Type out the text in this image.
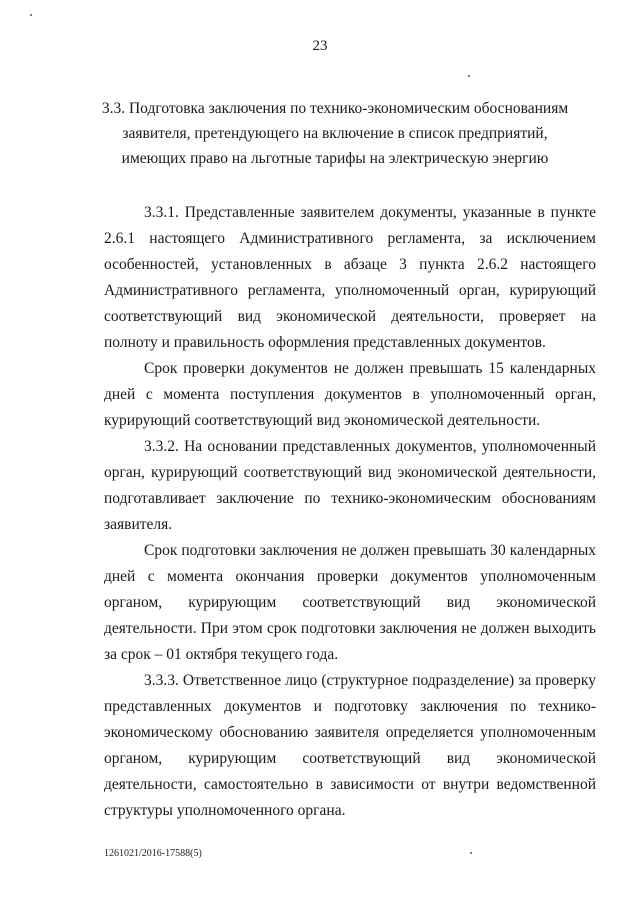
23
3.3. Подготовка заключения по технико-экономическим обоснованиям заявителя, претендующего на включение в список предприятий, имеющих право на льготные тарифы на электрическую энергию

3.3.1. Представленные заявителем документы, указанные в пункте 2.6.1 настоящего Административного регламента, за исключением особенностей, установленных в абзаце 3 пункта 2.6.2 настоящего Административного регламента, уполномоченный орган, курирующий соответствующий вид экономической деятельности, проверяет на полноту и правильность оформления представленных документов.

Срок проверки документов не должен превышать 15 календарных дней с момента поступления документов в уполномоченный орган, курирующий соответствующий вид экономической деятельности.

3.3.2. На основании представленных документов, уполномоченный орган, курирующий соответствующий вид экономической деятельности, подготавливает заключение по технико-экономическим обоснованиям заявителя.

Срок подготовки заключения не должен превышать 30 календарных дней с момента окончания проверки документов уполномоченным органом, курирующим соответствующий вид экономической деятельности. При этом срок подготовки заключения не должен выходить за срок – 01 октября текущего года.

3.3.3. Ответственное лицо (структурное подразделение) за проверку представленных документов и подготовку заключения по технико-экономическому обоснованию заявителя определяется уполномоченным органом, курирующим соответствующий вид экономической деятельности, самостоятельно в зависимости от внутри ведомственной структуры уполномоченного органа.

1261021/2016-17588(5)
